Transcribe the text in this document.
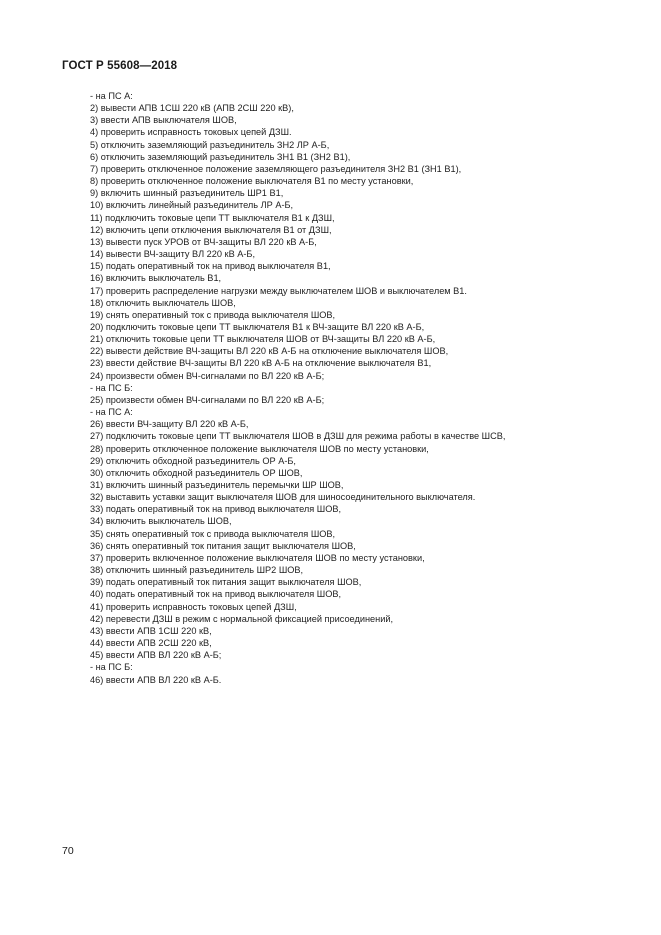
ГОСТ Р 55608—2018
- на ПС А:
2) вывести АПВ 1СШ 220 кВ (АПВ 2СШ 220 кВ),
3) ввести АПВ выключателя ШОВ,
4) проверить исправность токовых цепей ДЗШ.
5) отключить заземляющий разъединитель ЗН2 ЛР А-Б,
6) отключить заземляющий разъединитель ЗН1 В1 (ЗН2 В1),
7) проверить отключенное положение заземляющего разъединителя ЗН2 В1 (ЗН1 В1),
8) проверить отключенное положение выключателя В1 по месту установки,
9) включить шинный разъединитель ШР1 В1,
10) включить линейный разъединитель ЛР А-Б,
11) подключить токовые цепи ТТ выключателя В1 к ДЗШ,
12) включить цепи отключения выключателя В1 от ДЗШ,
13) вывести пуск УРОВ от ВЧ-защиты ВЛ 220 кВ А-Б,
14) вывести ВЧ-защиту ВЛ 220 кВ А-Б,
15) подать оперативный ток на привод выключателя В1,
16) включить выключатель В1,
17) проверить распределение нагрузки между выключателем ШОВ и выключателем В1.
18) отключить выключатель ШОВ,
19) снять оперативный ток с привода выключателя ШОВ,
20) подключить токовые цепи ТТ выключателя В1 к ВЧ-защите ВЛ 220 кВ А-Б,
21) отключить токовые цепи ТТ выключателя ШОВ от ВЧ-защиты ВЛ 220 кВ А-Б,
22) вывести действие ВЧ-защиты ВЛ 220 кВ А-Б на отключение выключателя ШОВ,
23) ввести действие ВЧ-защиты ВЛ 220 кВ А-Б на отключение выключателя В1,
24) произвести обмен ВЧ-сигналами по ВЛ 220 кВ А-Б;
- на ПС Б:
25) произвести обмен ВЧ-сигналами по ВЛ 220 кВ А-Б;
- на ПС А:
26) ввести ВЧ-защиту ВЛ 220 кВ А-Б,
27) подключить токовые цепи ТТ выключателя ШОВ в ДЗШ для режима работы в качестве ШСВ,
28) проверить отключенное положение выключателя ШОВ по месту установки,
29) отключить обходной разъединитель ОР А-Б,
30) отключить обходной разъединитель ОР ШОВ,
31) включить шинный разъединитель перемычки ШР ШОВ,
32) выставить уставки защит выключателя ШОВ для шиносоединительного выключателя.
33) подать оперативный ток на привод выключателя ШОВ,
34) включить выключатель ШОВ,
35) снять оперативный ток с привода выключателя ШОВ,
36) снять оперативный ток питания защит выключателя ШОВ,
37) проверить включенное положение выключателя ШОВ по месту установки,
38) отключить шинный разъединитель ШР2 ШОВ,
39) подать оперативный ток питания защит выключателя ШОВ,
40) подать оперативный ток на привод выключателя ШОВ,
41) проверить исправность токовых цепей ДЗШ,
42) перевести ДЗШ в режим с нормальной фиксацией присоединений,
43) ввести АПВ 1СШ 220 кВ,
44) ввести АПВ 2СШ 220 кВ,
45) ввести АПВ ВЛ 220 кВ А-Б;
- на ПС Б:
46) ввести АПВ ВЛ 220 кВ А-Б.
70
